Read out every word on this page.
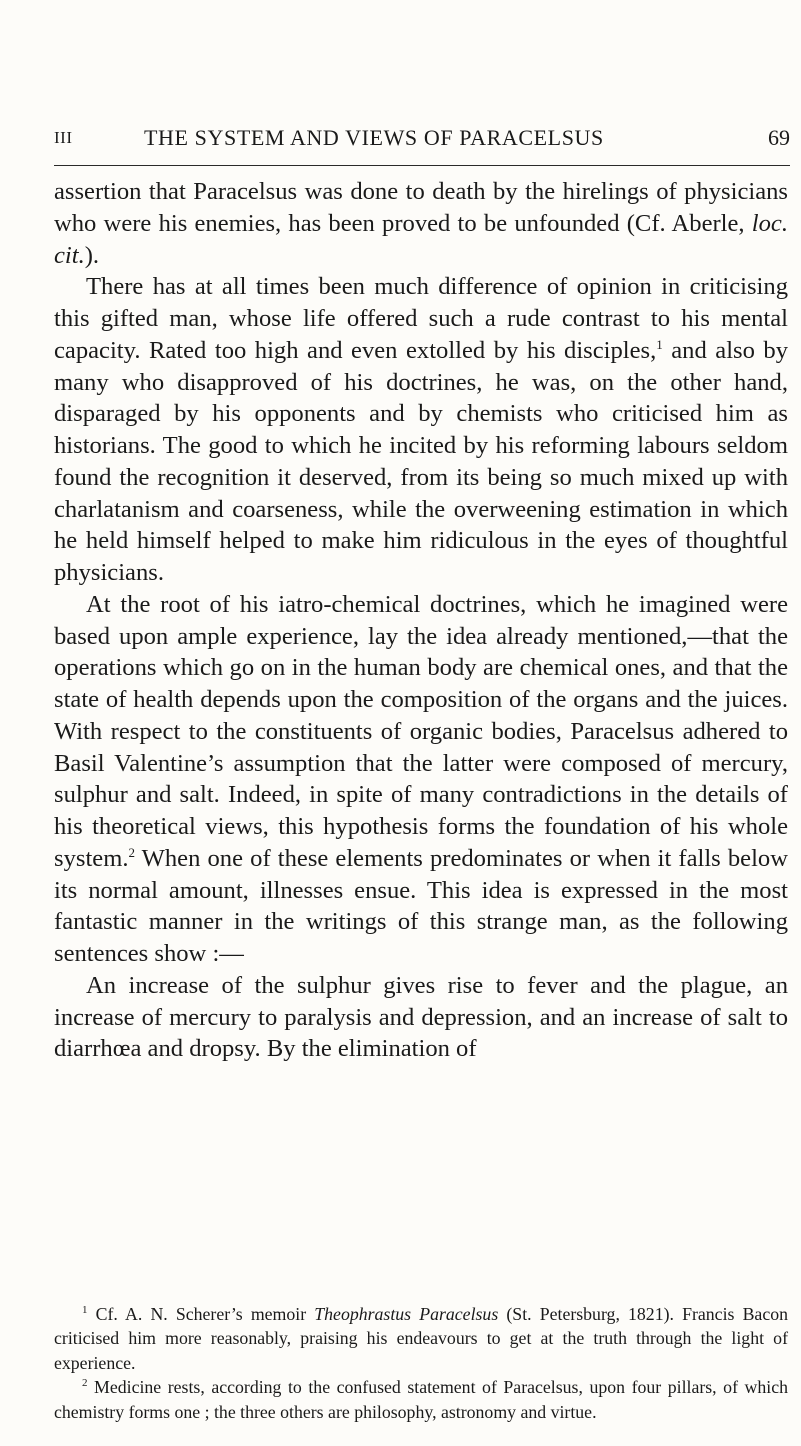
III	THE SYSTEM AND VIEWS OF PARACELSUS	69

assertion that Paracelsus was done to death by the hirelings of physicians who were his enemies, has been proved to be unfounded (Cf. Aberle, loc. cit.).

There has at all times been much difference of opinion in criticising this gifted man, whose life offered such a rude contrast to his mental capacity. Rated too high and even extolled by his disciples,$^1$ and also by many who disapproved of his doctrines, he was, on the other hand, disparaged by his opponents and by chemists who criticised him as historians. The good to which he incited by his reforming labours seldom found the recognition it deserved, from its being so much mixed up with charlatanism and coarseness, while the overweening estimation in which he held himself helped to make him ridiculous in the eyes of thoughtful physicians.

At the root of his iatro-chemical doctrines, which he imagined were based upon ample experience, lay the idea already mentioned,—that the operations which go on in the human body are chemical ones, and that the state of health depends upon the composition of the organs and the juices. With respect to the constituents of organic bodies, Paracelsus adhered to Basil Valentine’s assumption that the latter were composed of mercury, sulphur and salt. Indeed, in spite of many contradictions in the details of his theoretical views, this hypothesis forms the foundation of his whole system.$^2$ When one of these elements predominates or when it falls below its normal amount, illnesses ensue. This idea is expressed in the most fantastic manner in the writings of this strange man, as the following sentences show :—

An increase of the sulphur gives rise to fever and the plague, an increase of mercury to paralysis and depression, and an increase of salt to diarrhœa and dropsy. By the elimination of

$^1$ Cf. A. N. Scherer’s memoir Theophrastus Paracelsus (St. Petersburg, 1821). Francis Bacon criticised him more reasonably, praising his endeavours to get at the truth through the light of experience.

$^2$ Medicine rests, according to the confused statement of Paracelsus, upon four pillars, of which chemistry forms one ; the three others are philosophy, astronomy and virtue.
